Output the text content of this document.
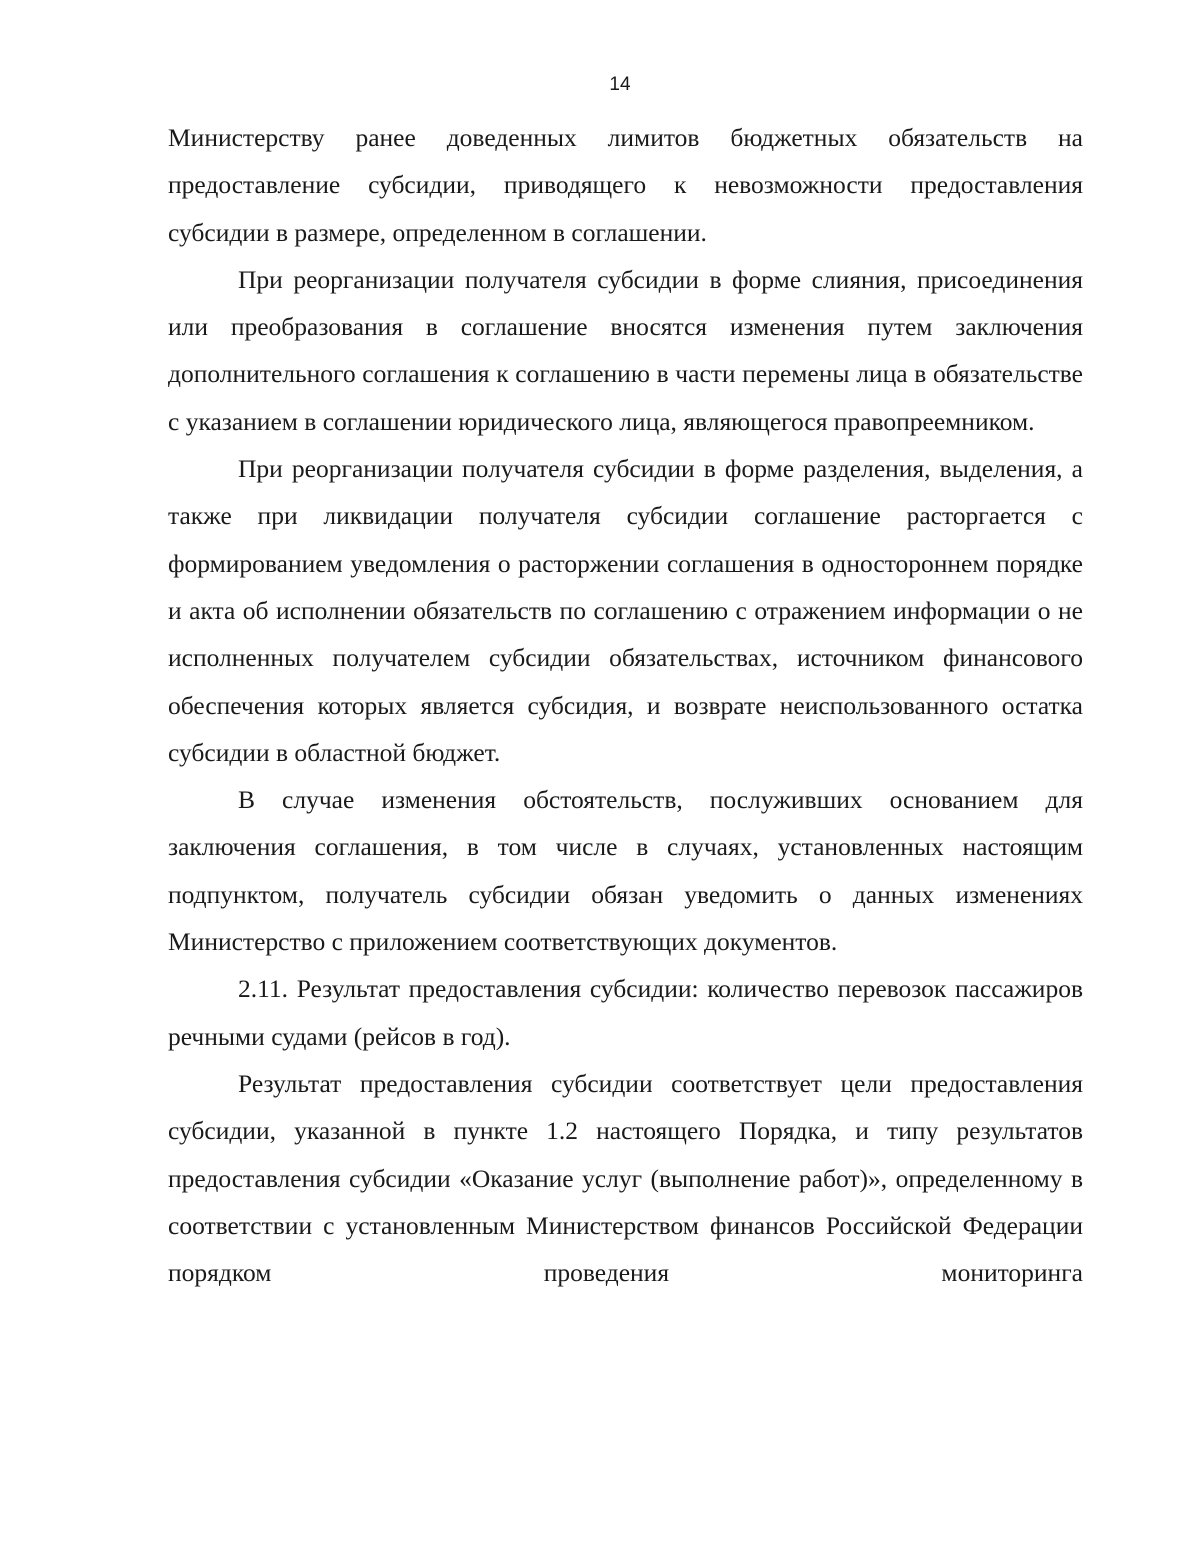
14

Министерству ранее доведенных лимитов бюджетных обязательств на предоставление субсидии, приводящего к невозможности предоставления субсидии в размере, определенном в соглашении.

При реорганизации получателя субсидии в форме слияния, присоединения или преобразования в соглашение вносятся изменения путем заключения дополнительного соглашения к соглашению в части перемены лица в обязательстве с указанием в соглашении юридического лица, являющегося правопреемником.

При реорганизации получателя субсидии в форме разделения, выделения, а также при ликвидации получателя субсидии соглашение расторгается с формированием уведомления о расторжении соглашения в одностороннем порядке и акта об исполнении обязательств по соглашению с отражением информации о не исполненных получателем субсидии обязательствах, источником финансового обеспечения которых является субсидия, и возврате неиспользованного остатка субсидии в областной бюджет.

В случае изменения обстоятельств, послуживших основанием для заключения соглашения, в том числе в случаях, установленных настоящим подпунктом, получатель субсидии обязан уведомить о данных изменениях Министерство с приложением соответствующих документов.

2.11. Результат предоставления субсидии: количество перевозок пассажиров речными судами (рейсов в год).

Результат предоставления субсидии соответствует цели предоставления субсидии, указанной в пункте 1.2 настоящего Порядка, и типу результатов предоставления субсидии «Оказание услуг (выполнение работ)», определенному в соответствии с установленным Министерством финансов Российской Федерации порядком проведения мониторинга
